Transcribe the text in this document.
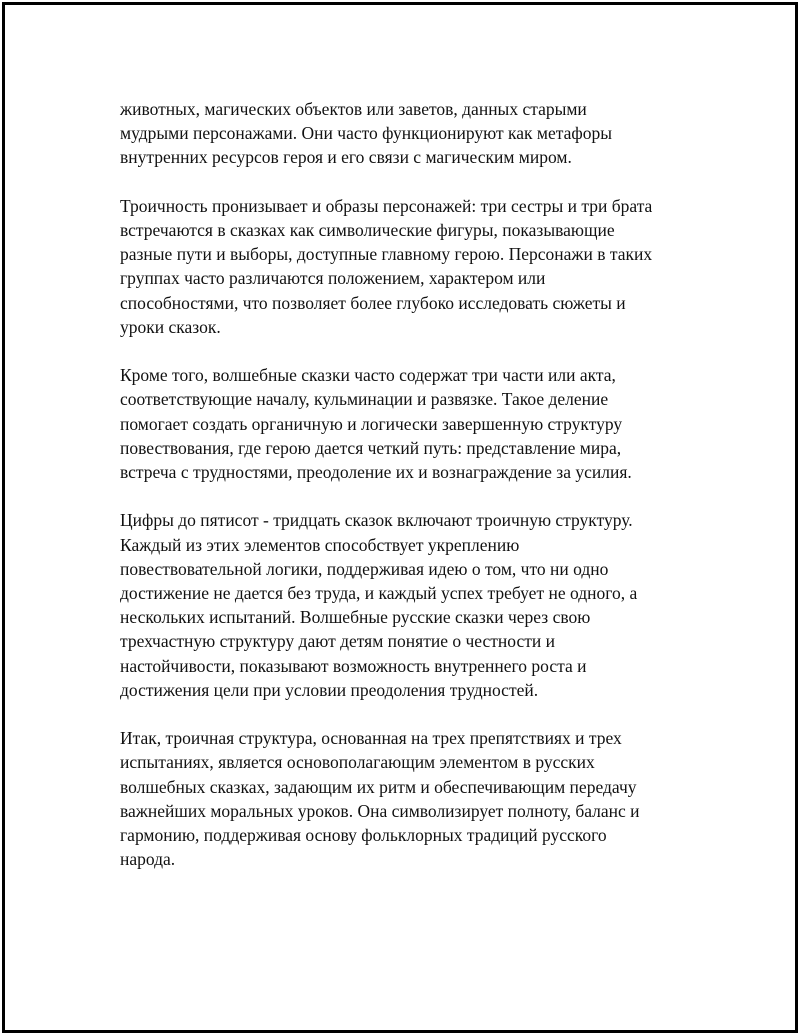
животных, магических объектов или заветов, данных старыми
мудрыми персонажами. Они часто функционируют как метафоры
внутренних ресурсов героя и его связи с магическим миром.

Троичность пронизывает и образы персонажей: три сестры и три брата
встречаются в сказках как символические фигуры, показывающие
разные пути и выборы, доступные главному герою. Персонажи в таких
группах часто различаются положением, характером или
способностями, что позволяет более глубоко исследовать сюжеты и
уроки сказок.

Кроме того, волшебные сказки часто содержат три части или акта,
соответствующие началу, кульминации и развязке. Такое деление
помогает создать органичную и логически завершенную структуру
повествования, где герою дается четкий путь: представление мира,
встреча с трудностями, преодоление их и вознаграждение за усилия.

Цифры до пятисот - тридцать сказок включают троичную структуру.
Каждый из этих элементов способствует укреплению
повествовательной логики, поддерживая идею о том, что ни одно
достижение не дается без труда, и каждый успех требует не одного, а
нескольких испытаний. Волшебные русские сказки через свою
трехчастную структуру дают детям понятие о честности и
настойчивости, показывают возможность внутреннего роста и
достижения цели при условии преодоления трудностей.

Итак, троичная структура, основанная на трех препятствиях и трех
испытаниях, является основополагающим элементом в русских
волшебных сказках, задающим их ритм и обеспечивающим передачу
важнейших моральных уроков. Она символизирует полноту, баланс и
гармонию, поддерживая основу фольклорных традиций русского
народа.
